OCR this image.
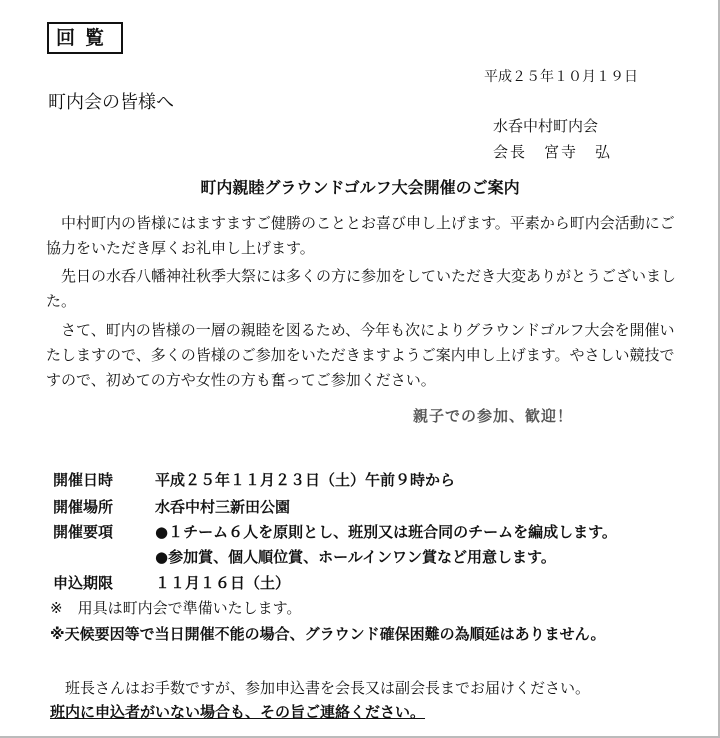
回覧
平成２５年１０月１９日
町内会の皆様へ
水呑中村町内会
会長　宮寺　弘
町内親睦グラウンドゴルフ大会開催のご案内
　中村町内の皆様にはますますご健勝のこととお喜び申し上げます。平素から町内会活動にご協力をいただき厚くお礼申し上げます。
　先日の水呑八幡神社秋季大祭には多くの方に参加をしていただき大変ありがとうございました。
　さて、町内の皆様の一層の親睦を図るため、今年も次によりグラウンドゴルフ大会を開催いたしますので、多くの皆様のご参加をいただきますようご案内申し上げます。やさしい競技ですので、初めての方や女性の方も奮ってご参加ください。
親子での参加、歓迎！
開催日時	平成２５年１１月２３日（土）午前９時から
開催場所	水呑中村三新田公園
開催要項	●１チーム６人を原則とし、班別又は班合同のチームを編成します。
●参加賞、個人順位賞、ホールインワン賞など用意します。
申込期限	１１月１６日（土）
※　用具は町内会で準備いたします。
※天候要因等で当日開催不能の場合、グラウンド確保困難の為順延はありません。
　班長さんはお手数ですが、参加申込書を会長又は副会長までお届けください。
班内に申込者がいない場合も、その旨ご連絡ください。
